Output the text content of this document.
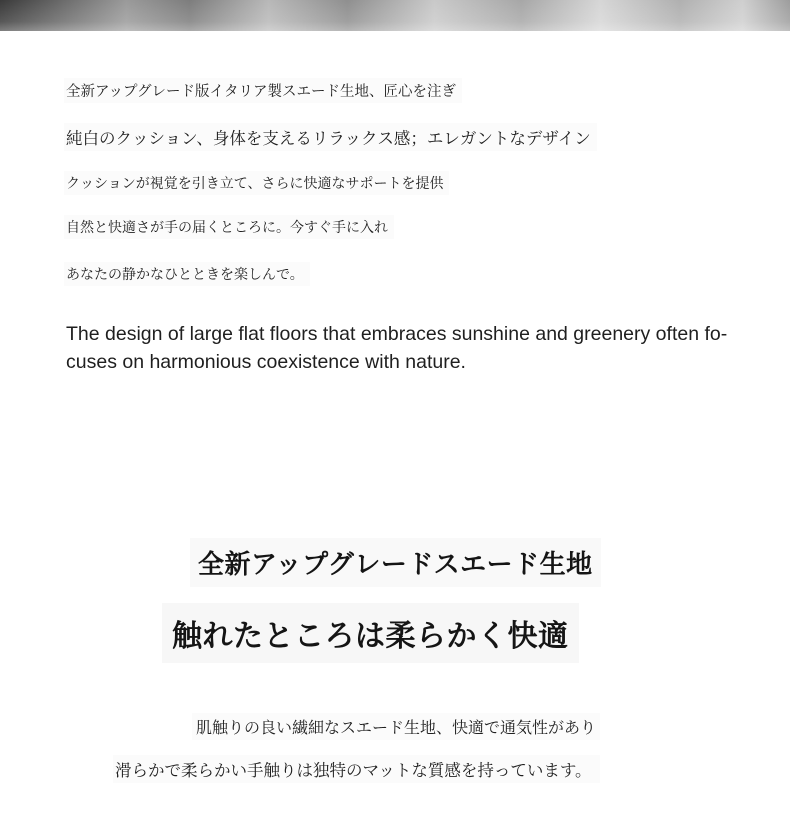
全新アップグレード版イタリア製スエード生地、匠心を注ぎ
純白のクッション、身体を支えるリラックス感；エレガントなデザイン
クッションが視覚を引き立て、さらに快適なサポートを提供
自然と快適さが手の届くところに。今すぐ手に入れ
あなたの静かなひとときを楽しんで。

The design of large flat floors that embraces sunshine and greenery often fo-cuses on harmonious coexistence with nature.

全新アップグレードスエード生地
触れたところは柔らかく快適
肌触りの良い繊細なスエード生地、快適で通気性があり
滑らかで柔らかい手触りは独特のマットな質感を持っています。
